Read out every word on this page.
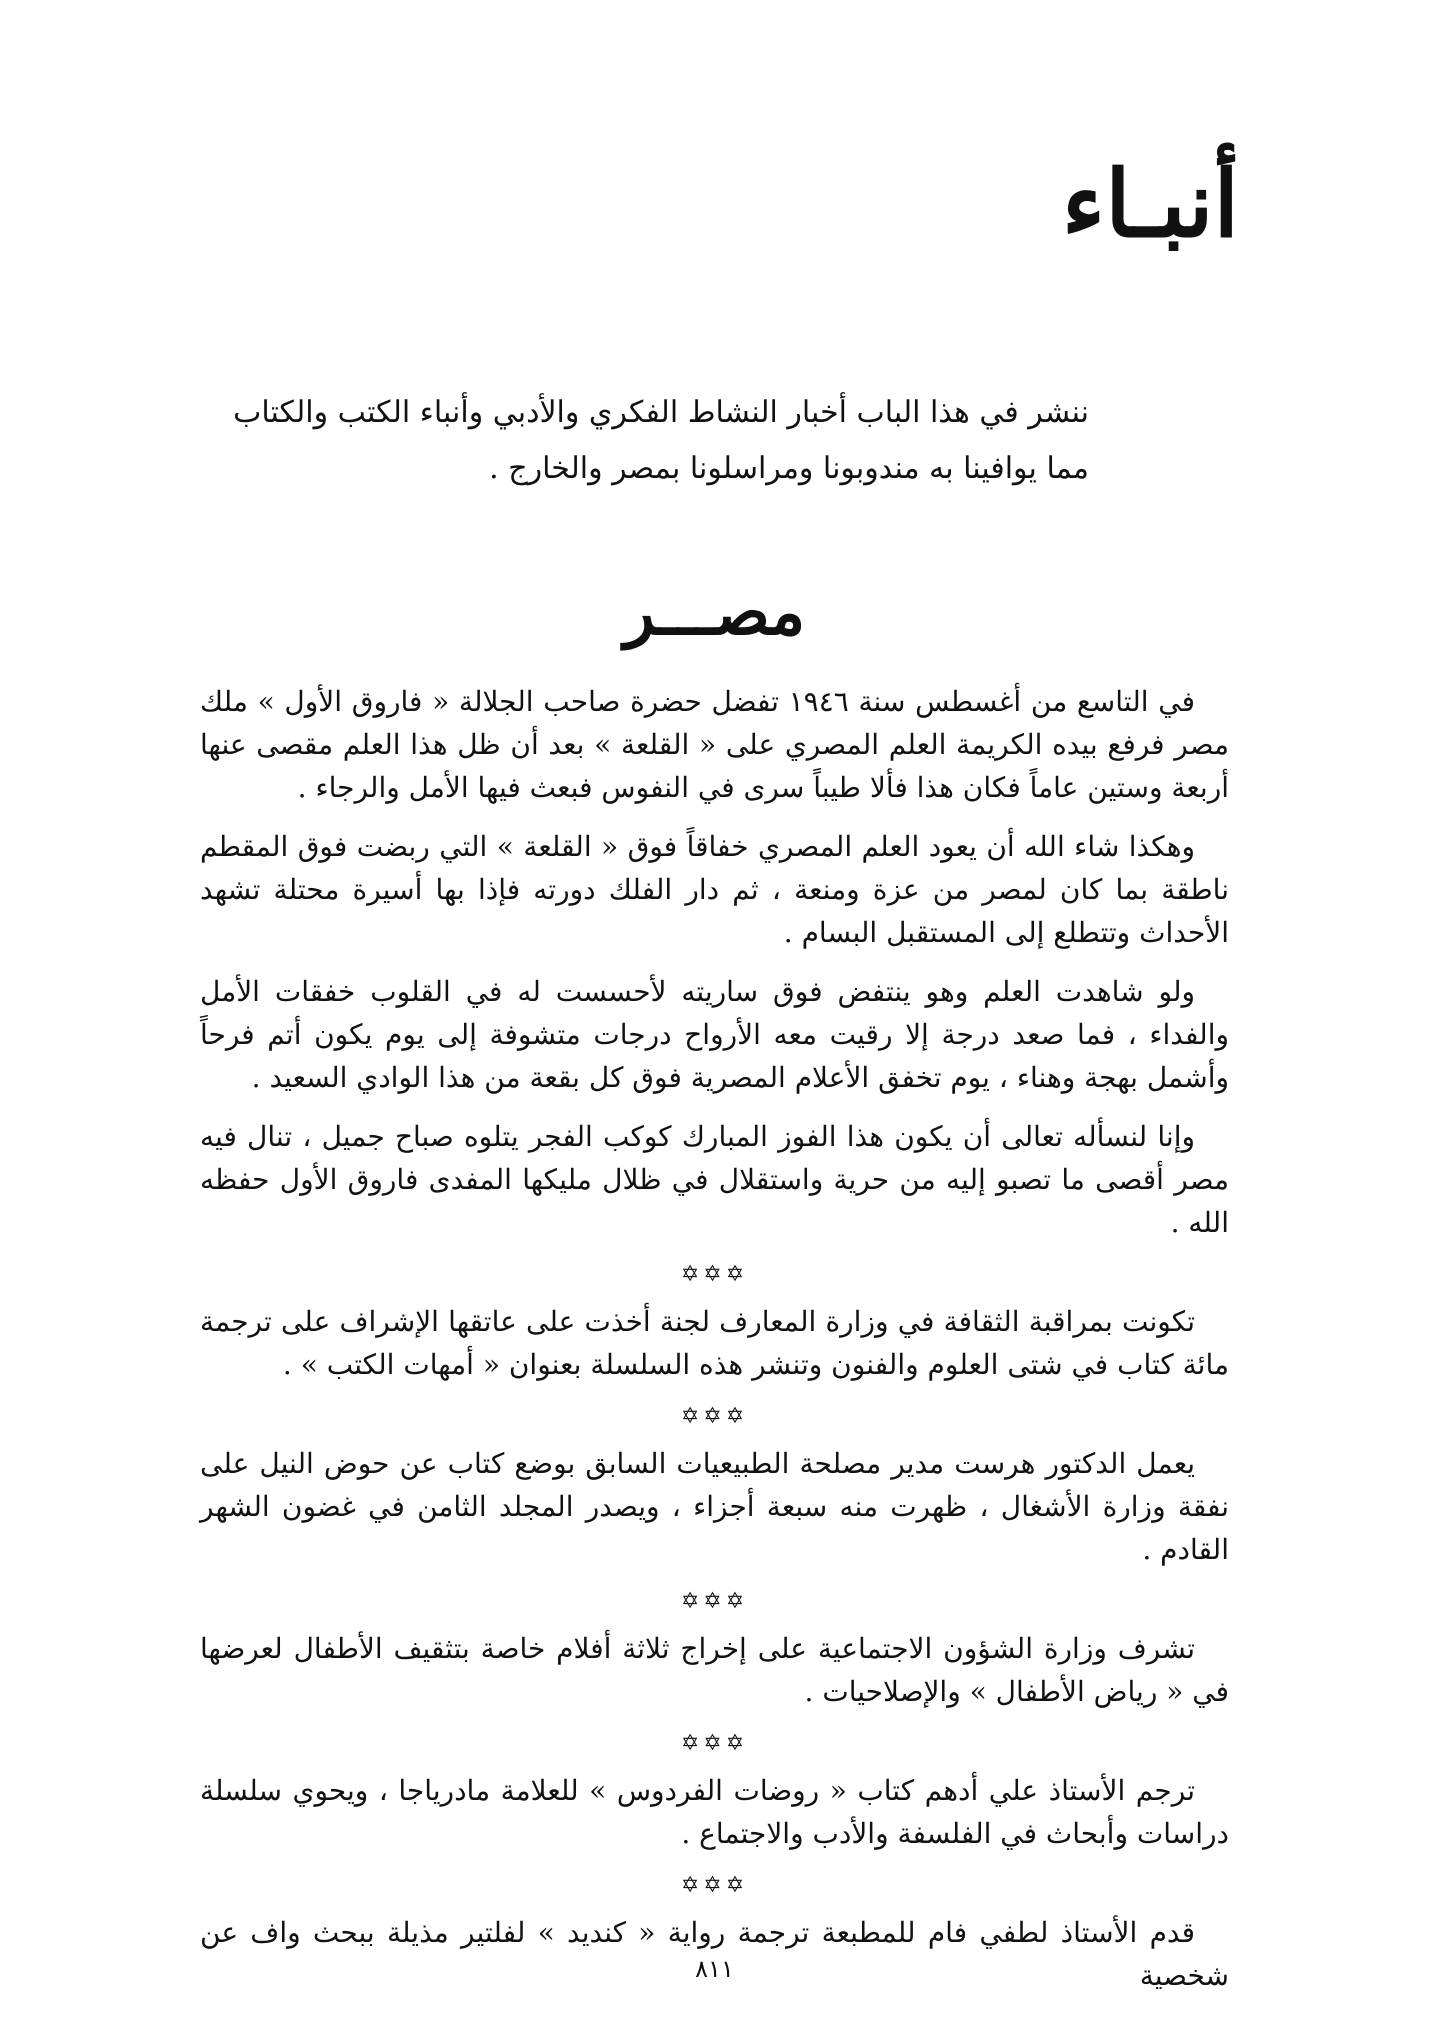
أنبـاء

ننشر في هذا الباب أخبار النشاط الفكري والأدبي وأنباء الكتب والكتاب

مما يوافينا به مندوبونا ومراسلونا بمصر والخارج .

مصـــر

في التاسع من أغسطس سنة ١٩٤٦ تفضل حضرة صاحب الجلالة « فاروق الأول » ملك مصر فرفع بيده الكريمة العلم المصري على « القلعة » بعد أن ظل هذا العلم مقصى عنها أربعة وستين عاماً فكان هذا فألا طيباً سرى في النفوس فبعث فيها الأمل والرجاء .

وهكذا شاء الله أن يعود العلم المصري خفاقاً فوق « القلعة » التي ربضت فوق المقطم ناطقة بما كان لمصر من عزة ومنعة ، ثم دار الفلك دورته فإذا بها أسيرة محتلة تشهد الأحداث وتتطلع إلى المستقبل البسام .

ولو شاهدت العلم وهو ينتفض فوق ساريته لأحسست له في القلوب خفقات الأمل والفداء ، فما صعد درجة إلا رقيت معه الأرواح درجات متشوفة إلى يوم يكون أتم فرحاً وأشمل بهجة وهناء ، يوم تخفق الأعلام المصرية فوق كل بقعة من هذا الوادي السعيد .

وإنا لنسأله تعالى أن يكون هذا الفوز المبارك كوكب الفجر يتلوه صباح جميل ، تنال فيه مصر أقصى ما تصبو إليه من حرية واستقلال في ظلال مليكها المفدى فاروق الأول حفظه الله .

✡✡✡

تكونت بمراقبة الثقافة في وزارة المعارف لجنة أخذت على عاتقها الإشراف على ترجمة مائة كتاب في شتى العلوم والفنون وتنشر هذه السلسلة بعنوان « أمهات الكتب » .

✡✡✡

يعمل الدكتور هرست مدير مصلحة الطبيعيات السابق بوضع كتاب عن حوض النيل على نفقة وزارة الأشغال ، ظهرت منه سبعة أجزاء ، ويصدر المجلد الثامن في غضون الشهر القادم .

✡✡✡

تشرف وزارة الشؤون الاجتماعية على إخراج ثلاثة أفلام خاصة بتثقيف الأطفال لعرضها في « رياض الأطفال » والإصلاحيات .

✡✡✡

ترجم الأستاذ علي أدهم كتاب « روضات الفردوس » للعلامة مادرياجا ، ويحوي سلسلة دراسات وأبحاث في الفلسفة والأدب والاجتماع .

✡✡✡

قدم الأستاذ لطفي فام للمطبعة ترجمة رواية « كنديد » لفلتير مذيلة ببحث واف عن شخصية

٨١١
